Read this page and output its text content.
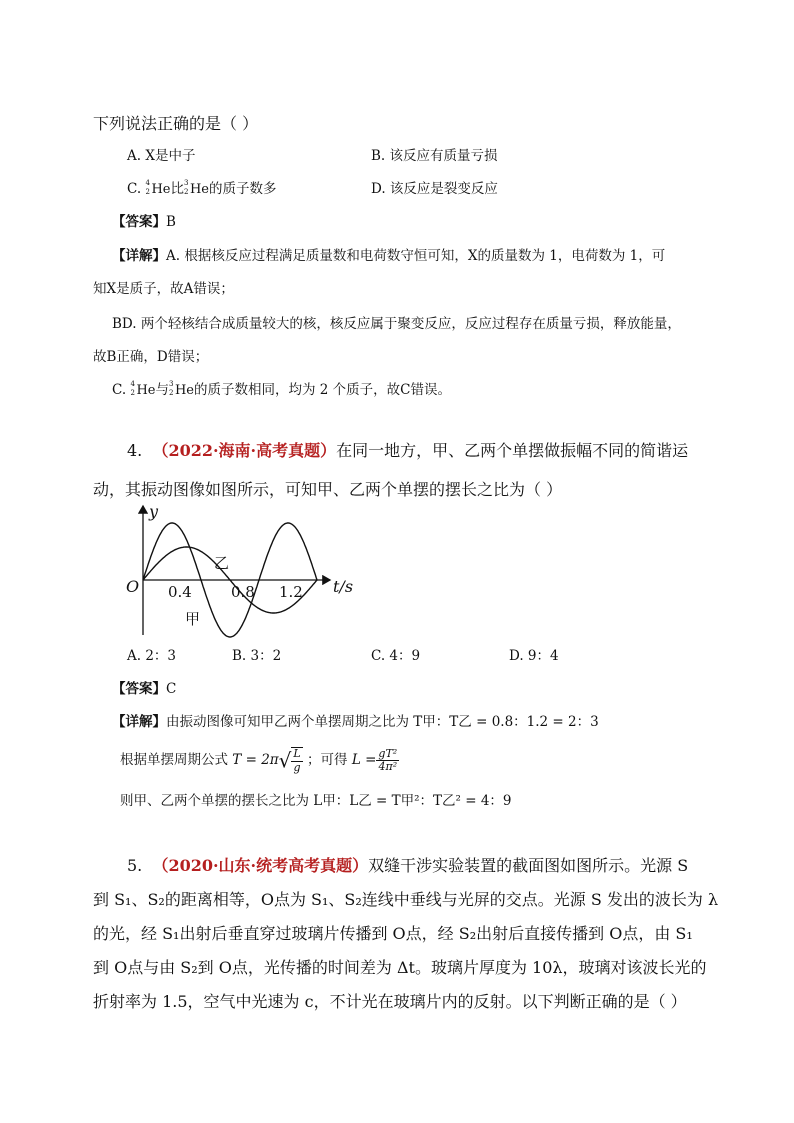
下列说法正确的是（ ）
A. X是中子	B. 该反应有质量亏损
C. 4
2 He比 3
2 He的质子数多	D. 该反应是裂变反应
【答案】B
【详解】A. 根据核反应过程满足质量数和电荷数守恒可知，X的质量数为 1，电荷数为 1，可
知X是质子，故A错误；
BD. 两个轻核结合成质量较大的核，核反应属于聚变反应，反应过程存在质量亏损，释放能量，
故B正确，D错误；
C. 4
2 He与 3
2 He的质子数相同，均为 2 个质子，故C错误。
4. （2022·海南·高考真题）在同一地方，甲、乙两个单摆做振幅不同的简谐运
动，其振动图像如图所示，可知甲、乙两个单摆的摆长之比为（ ）
y
t/s
O 0.4	0.8 1.2
乙
甲
A. 2：3	B. 3：2	C. 4：9	D. 9：4
【答案】C
【详解】由振动图像可知甲乙两个单摆周期之比为 T甲：T乙 = 0.8：1.2 = 2：3
根据单摆周期公式 $T = 2\pi√ \frac{L}{g}$ ；可得 $L = \frac{\text{gT²}}{\text{4π²}}$
则甲、乙两个单摆的摆长之比为 L甲：L乙 = T甲²：T乙² = 4：9
5. （2020·山东·统考高考真题）双缝干涉实验装置的截面图如图所示。光源 S
到 S₁、S₂的距离相等，O点为 S₁、S₂连线中垂线与光屏的交点。光源 S 发出的波长为 λ
的光，经 S₁出射后垂直穿过玻璃片传播到 O点，经 S₂出射后直接传播到 O点，由 S₁
到 O点与由 S₂到 O点，光传播的时间差为 Δt。玻璃片厚度为 10λ，玻璃对该波长光的
折射率为 1.5，空气中光速为 c，不计光在玻璃片内的反射。以下判断正确的是（ ）
